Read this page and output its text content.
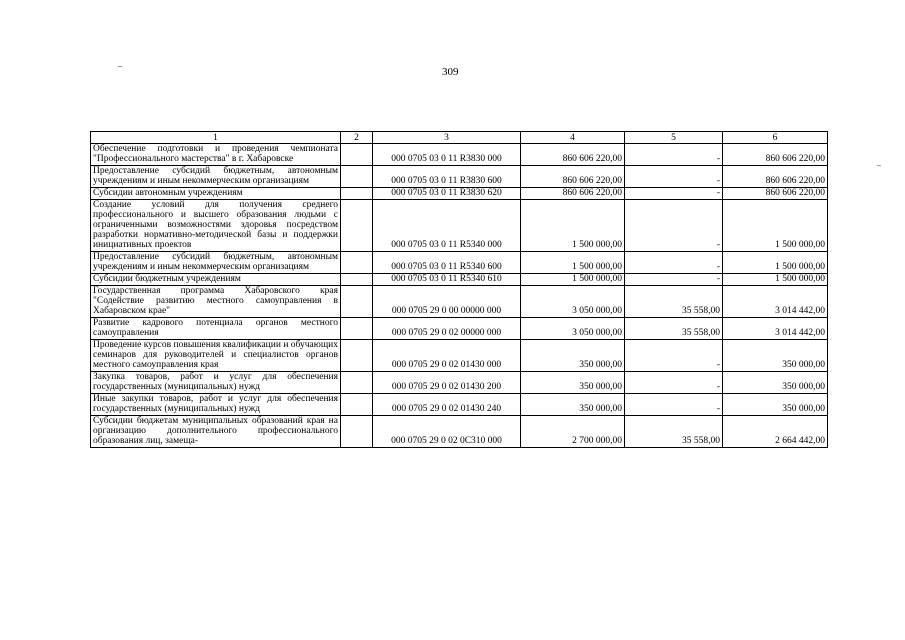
309
1	2	3	4	5	6
Обеспечение подготовки и проведения чемпионата "Профессионального мастерства" в г. Хабаровске		000 0705 03 0 11 R3830 000	860 606 220,00	-	860 606 220,00
Предоставление субсидий бюджетным, автономным учреждениям и иным некоммерческим организациям		000 0705 03 0 11 R3830 600	860 606 220,00	-	860 606 220,00
Субсидии автономным учреждениям		000 0705 03 0 11 R3830 620	860 606 220,00	-	860 606 220,00
Создание условий для получения среднего профессионального и высшего образования людьми с ограниченными возможностями здоровья посредством разработки нормативно-методической базы и поддержки инициативных проектов		000 0705 03 0 11 R5340 000	1 500 000,00	-	1 500 000,00
Предоставление субсидий бюджетным, автономным учреждениям и иным некоммерческим организациям		000 0705 03 0 11 R5340 600	1 500 000,00	-	1 500 000,00
Субсидии бюджетным учреждениям		000 0705 03 0 11 R5340 610	1 500 000,00	-	1 500 000,00
Государственная программа Хабаровского края "Содействие развитию местного самоуправления в Хабаровском крае"		000 0705 29 0 00 00000 000	3 050 000,00	35 558,00	3 014 442,00
Развитие кадрового потенциала органов местного самоуправления		000 0705 29 0 02 00000 000	3 050 000,00	35 558,00	3 014 442,00
Проведение курсов повышения квалификации и обучающих семинаров для руководителей и специалистов органов местного самоуправления края		000 0705 29 0 02 01430 000	350 000,00	-	350 000,00
Закупка товаров, работ и услуг для обеспечения государственных (муниципальных) нужд		000 0705 29 0 02 01430 200	350 000,00	-	350 000,00
Иные закупки товаров, работ и услуг для обеспечения государственных (муниципальных) нужд		000 0705 29 0 02 01430 240	350 000,00	-	350 000,00
Субсидии бюджетам муниципальных образований края на организацию дополнительного профессионального образования лиц, замеща-		000 0705 29 0 02 0C310 000	2 700 000,00	35 558,00	2 664 442,00
